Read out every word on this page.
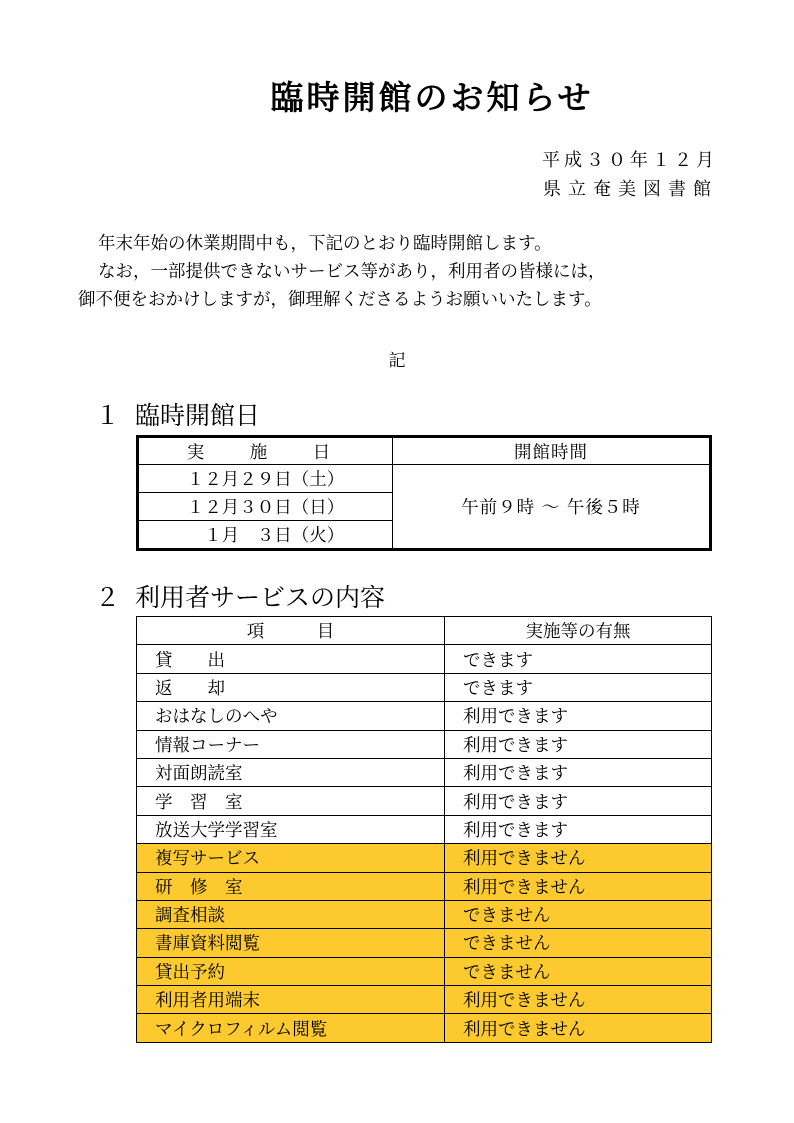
臨時開館のお知らせ
平成３０年１２月
県立奄美図書館

年末年始の休業期間中も，下記のとおり臨時開館します。

なお，一部提供できないサービス等があり，利用者の皆様には，

御不便をおかけしますが，御理解くださるようお願いいたします。

記
１ 臨時開館日
実　施　日	開館時間
１２月２９日（土）	午前９時 ～ 午後５時
１２月３０日（日）	
　１月　３日（火）	
２ 利用者サービスの内容
項　　　目	実施等の有無
貸　　出	できます
返　　却	できます
おはなしのへや	利用できます
情報コーナー	利用できます
対面朗読室	利用できます
学　習　室	利用できます
放送大学学習室	利用できます
複写サービス	利用できません
研　修　室	利用できません
調査相談	できません
書庫資料閲覧	できません
貸出予約	できません
利用者用端末	利用できません
マイクロフィルム閲覧	利用できません
